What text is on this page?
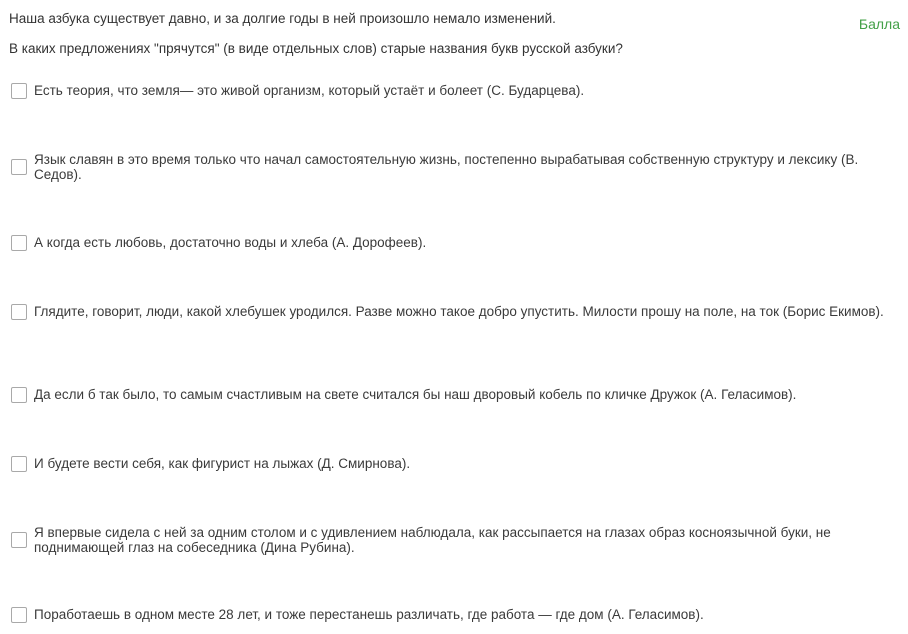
Наша азбука существует давно, и за долгие годы в ней произошло немало изменений.

В каких предложениях "прячутся" (в виде отдельных слов) старые названия букв русской азбуки?

Балла
Есть теория, что земля— это живой организм, который устаёт и болеет (С. Бударцева).
Язык славян в это время только что начал самостоятельную жизнь, постепенно вырабатывая собственную структуру и лексику (В. Седов).
А когда есть любовь, достаточно воды и хлеба (А. Дорофеев).
Глядите, говорит, люди, какой хлебушек уродился. Разве можно такое добро упустить. Милости прошу на поле, на ток (Борис Екимов).
Да если б так было, то самым счастливым на свете считался бы наш дворовый кобель по кличке Дружок (А. Геласимов).
И будете вести себя, как фигурист на лыжах (Д. Смирнова).
Я впервые сидела с ней за одним столом и с удивлением наблюдала, как рассыпается на глазах образ косноязычной буки, не поднимающей глаз на собеседника (Дина Рубина).
Поработаешь в одном месте 28 лет, и тоже перестанешь различать, где работа — где дом (А. Геласимов).
